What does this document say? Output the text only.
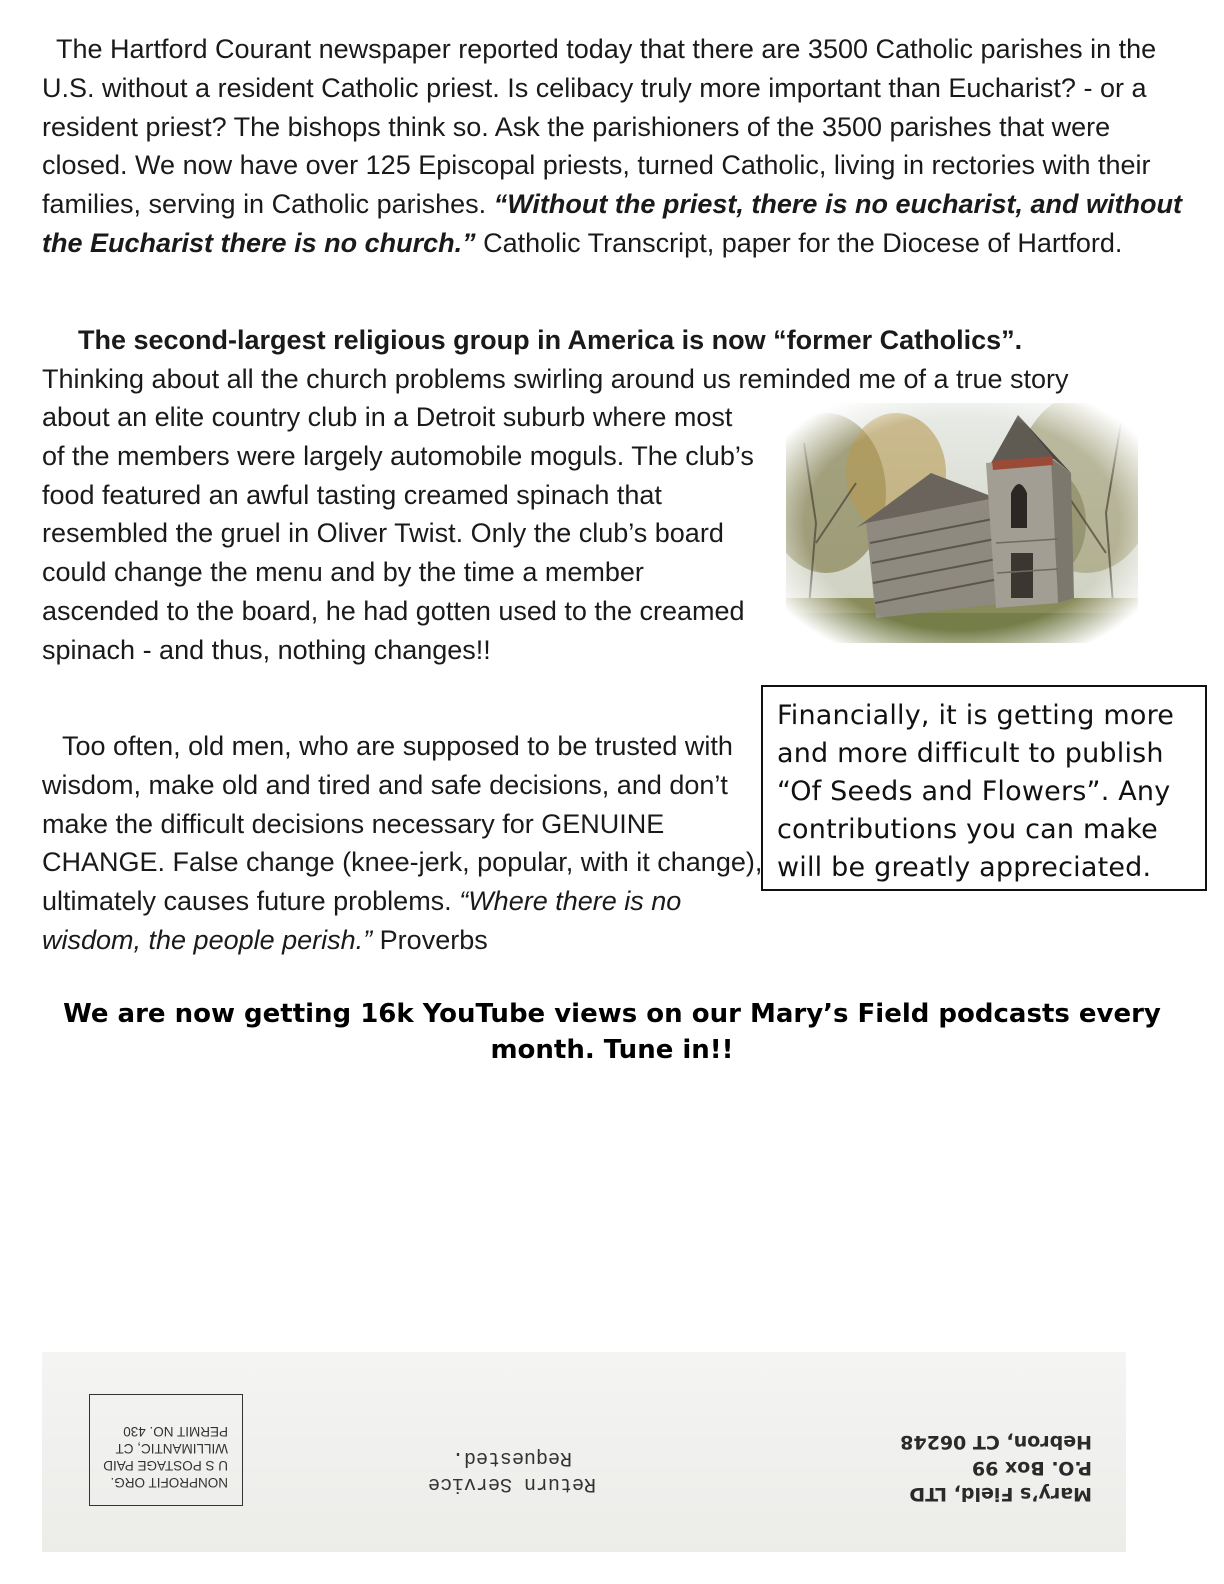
The Hartford Courant newspaper reported today that there are 3500 Catholic parishes in the U.S. without a resident Catholic priest. Is celibacy truly more important than Eucharist? - or a resident priest? The bishops think so. Ask the parishioners of the 3500 parishes that were closed. We now have over 125 Episcopal priests, turned Catholic, living in rectories with their families, serving in Catholic parishes. “Without the priest, there is no eucharist, and without the Eucharist there is no church.” Catholic Transcript, paper for the Diocese of Hartford.
The second-largest religious group in America is now “former Catholics”.
Thinking about all the church problems swirling around us reminded me of a true story
about an elite country club in a Detroit suburb where most of the members were largely automobile moguls. The club’s food featured an awful tasting creamed spinach that resembled the gruel in Oliver Twist. Only the club’s board could change the menu and by the time a member ascended to the board, he had gotten used to the creamed spinach - and thus, nothing changes!!
Financially, it is getting more and more difficult to publish “Of Seeds and Flowers”. Any contributions you can make will be greatly appreciated.
Too often, old men, who are supposed to be trusted with wisdom, make old and tired and safe decisions, and don’t make the difficult decisions necessary for GENUINE CHANGE. False change (knee-jerk, popular, with it change), ultimately causes future problems. “Where there is no wisdom, the people perish.” Proverbs
We are now getting 16k YouTube views on our Mary’s Field podcasts every
month. Tune in!!
NONPROFIT ORG.
U S POSTAGE PAID
WILLIMANTIC, CT
PERMIT NO. 430
Return Service
Requested.
Mary’s Field, LTD
P.O. Box 99
Hebron, CT 06248
